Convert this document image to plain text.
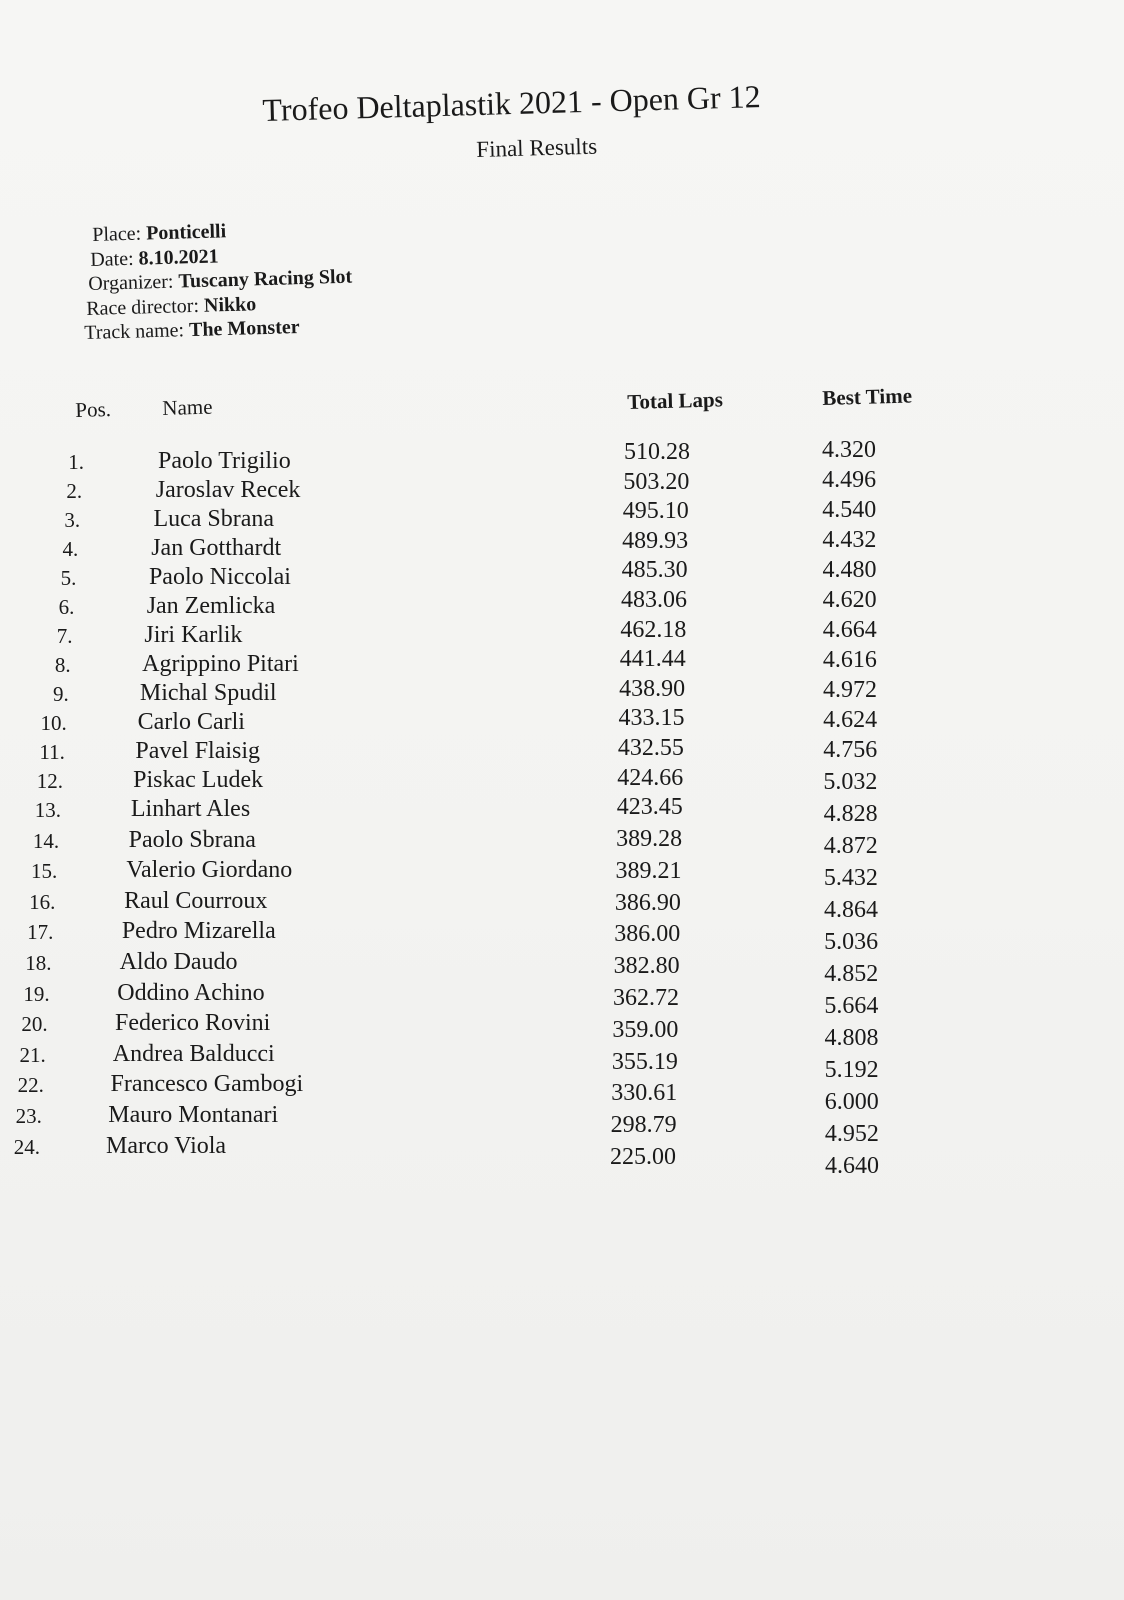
Trofeo Deltaplastik 2021 - Open Gr 12
Final Results
Place: Ponticelli
Date: 8.10.2021
Organizer: Tuscany Racing Slot
Race director: Nikko
Track name: The Monster
Pos. Name	Total Laps	Best Time
1.	Paolo Trigilio	510.28	4.320
2.	Jaroslav Recek	503.20	4.496
3.	Luca Sbrana	495.10	4.540
4.	Jan Gotthardt	489.93	4.432
5.	Paolo Niccolai	485.30	4.480
6.	Jan Zemlicka	483.06	4.620
7.	Jiri Karlik	462.18	4.664
8.	Agrippino Pitari	441.44	4.616
9.	Michal Spudil	438.90	4.972
10.	Carlo Carli	433.15	4.624
11.	Pavel Flaisig	432.55	4.756
12.	Piskac Ludek	424.66	5.032
13.	Linhart Ales	423.45	4.828
14.	Paolo Sbrana	389.28	4.872
15.	Valerio Giordano	389.21	5.432
16.	Raul Courroux	386.90	4.864
17.	Pedro Mizarella	386.00	5.036
18.	Aldo Daudo	382.80	4.852
19.	Oddino Achino	362.72	5.664
20.	Federico Rovini	359.00	4.808
21.	Andrea Balducci	355.19	5.192
22.	Francesco Gambogi	330.61	6.000
23.	Mauro Montanari	298.79	4.952
24.	Marco Viola	225.00	4.640
